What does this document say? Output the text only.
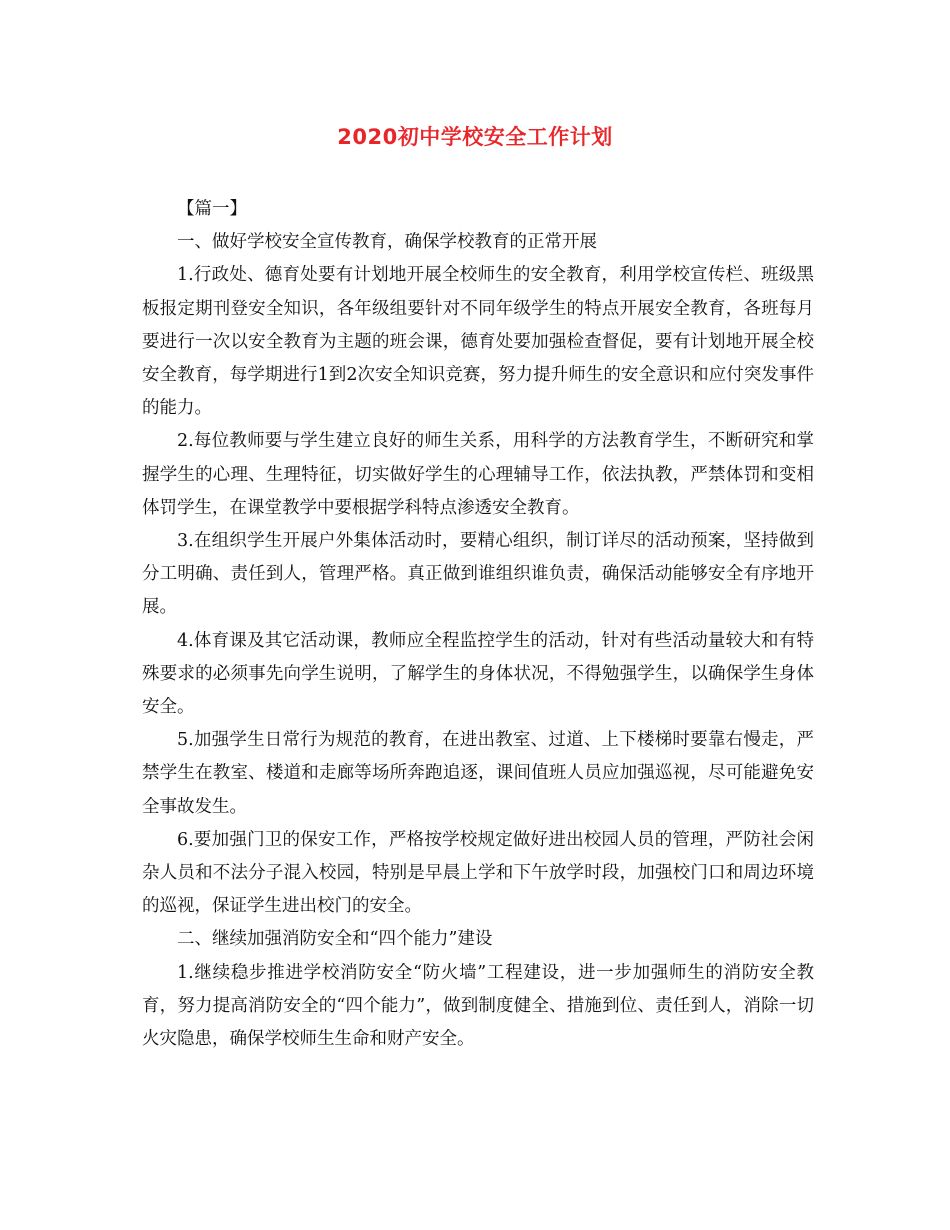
2020初中学校安全工作计划

【篇一】

一、做好学校安全宣传教育，确保学校教育的正常开展

1.行政处、德育处要有计划地开展全校师生的安全教育，利用学校宣传栏、班级黑板报定期刊登安全知识，各年级组要针对不同年级学生的特点开展安全教育，各班每月要进行一次以安全教育为主题的班会课，德育处要加强检查督促，要有计划地开展全校安全教育，每学期进行1到2次安全知识竞赛，努力提升师生的安全意识和应付突发事件的能力。

2.每位教师要与学生建立良好的师生关系，用科学的方法教育学生，不断研究和掌握学生的心理、生理特征，切实做好学生的心理辅导工作，依法执教，严禁体罚和变相体罚学生，在课堂教学中要根据学科特点渗透安全教育。

3.在组织学生开展户外集体活动时，要精心组织，制订详尽的活动预案，坚持做到分工明确、责任到人，管理严格。真正做到谁组织谁负责，确保活动能够安全有序地开展。

4.体育课及其它活动课，教师应全程监控学生的活动，针对有些活动量较大和有特殊要求的必须事先向学生说明，了解学生的身体状况，不得勉强学生，以确保学生身体安全。

5.加强学生日常行为规范的教育，在进出教室、过道、上下楼梯时要靠右慢走，严禁学生在教室、楼道和走廊等场所奔跑追逐，课间值班人员应加强巡视，尽可能避免安全事故发生。

6.要加强门卫的保安工作，严格按学校规定做好进出校园人员的管理，严防社会闲杂人员和不法分子混入校园，特别是早晨上学和下午放学时段，加强校门口和周边环境的巡视，保证学生进出校门的安全。

二、继续加强消防安全和“四个能力”建设

1.继续稳步推进学校消防安全“防火墙”工程建设，进一步加强师生的消防安全教育，努力提高消防安全的“四个能力”，做到制度健全、措施到位、责任到人，消除一切火灾隐患，确保学校师生生命和财产安全。
